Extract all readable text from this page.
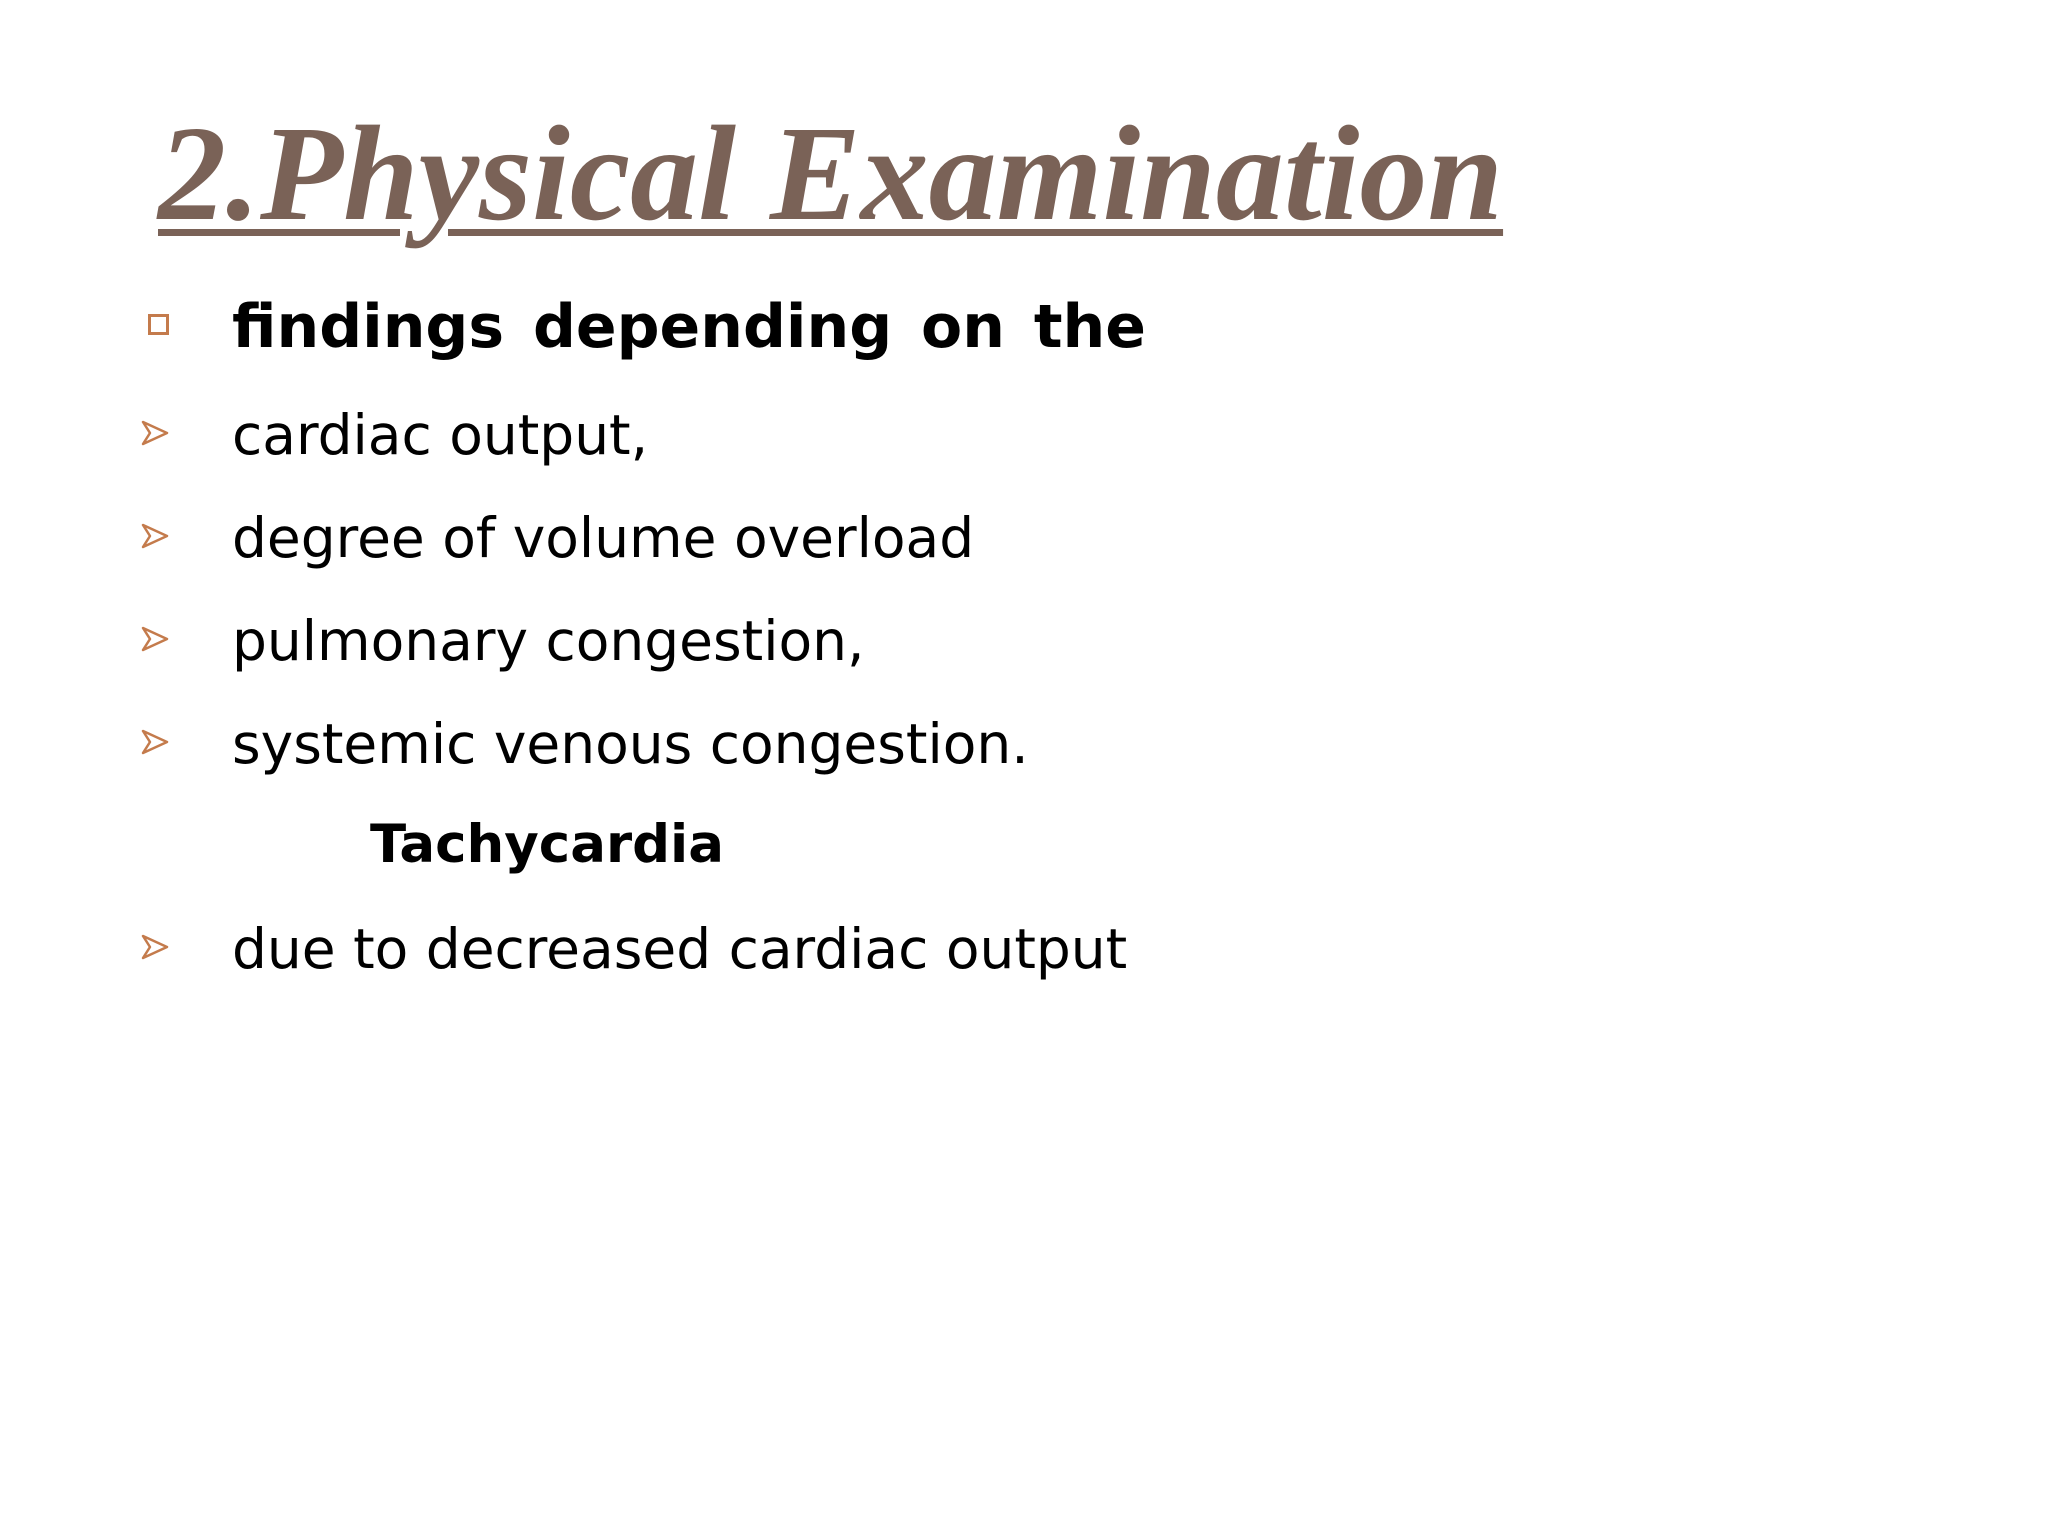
2.Physical Examination
findings depending on the
cardiac output,
degree of volume overload
pulmonary congestion,
systemic venous congestion.
Tachycardia
due to decreased cardiac output
